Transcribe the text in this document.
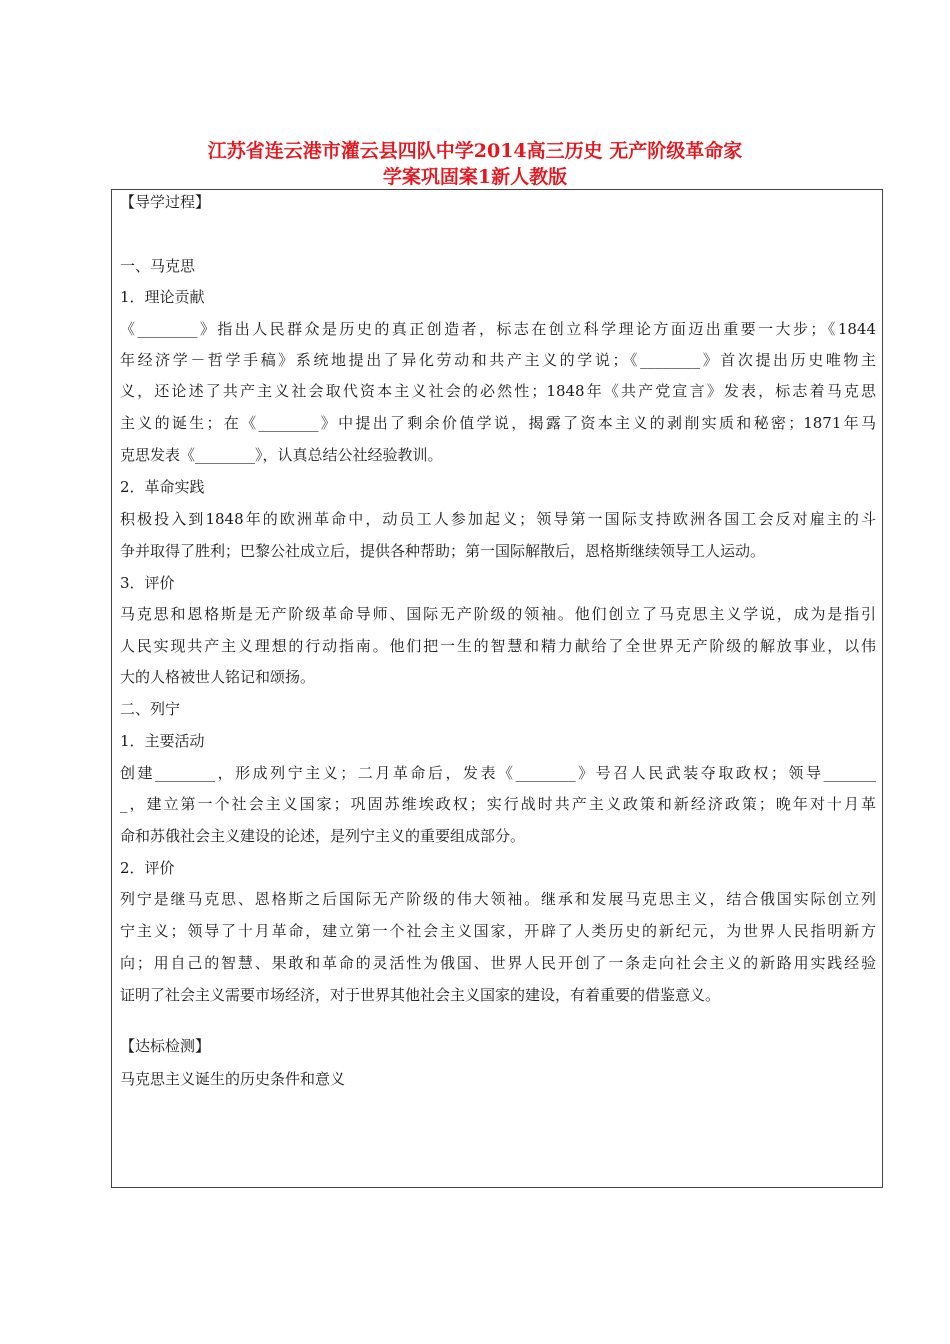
江苏省连云港市灌云县四队中学2014高三历史 无产阶级革命家
学案巩固案1新人教版
【导学过程】
一、马克思
1．理论贡献
《________》指出人民群众是历史的真正创造者，标志在创立科学理论方面迈出重要一大步；《1844
年经济学－哲学手稿》系统地提出了异化劳动和共产主义的学说；《________》首次提出历史唯物主
义，还论述了共产主义社会取代资本主义社会的必然性；1848年《共产党宣言》发表，标志着马克思
主义的诞生；在《________》中提出了剩余价值学说，揭露了资本主义的剥削实质和秘密；1871年马
克思发表《________》，认真总结公社经验教训。
2．革命实践
积极投入到1848年的欧洲革命中，动员工人参加起义；领导第一国际支持欧洲各国工会反对雇主的斗
争并取得了胜利；巴黎公社成立后，提供各种帮助；第一国际解散后，恩格斯继续领导工人运动。
3．评价
马克思和恩格斯是无产阶级革命导师、国际无产阶级的领袖。他们创立了马克思主义学说，成为是指引
人民实现共产主义理想的行动指南。他们把一生的智慧和精力献给了全世界无产阶级的解放事业，以伟
大的人格被世人铭记和颂扬。
二、列宁
1．主要活动
创建________，形成列宁主义；二月革命后，发表《________》号召人民武装夺取政权；领导_______
_，建立第一个社会主义国家；巩固苏维埃政权；实行战时共产主义政策和新经济政策；晚年对十月革
命和苏俄社会主义建设的论述，是列宁主义的重要组成部分。
2．评价
列宁是继马克思、恩格斯之后国际无产阶级的伟大领袖。继承和发展马克思主义，结合俄国实际创立列
宁主义；领导了十月革命，建立第一个社会主义国家，开辟了人类历史的新纪元，为世界人民指明新方
向；用自己的智慧、果敢和革命的灵活性为俄国、世界人民开创了一条走向社会主义的新路用实践经验
证明了社会主义需要市场经济，对于世界其他社会主义国家的建设，有着重要的借鉴意义。
【达标检测】
马克思主义诞生的历史条件和意义
